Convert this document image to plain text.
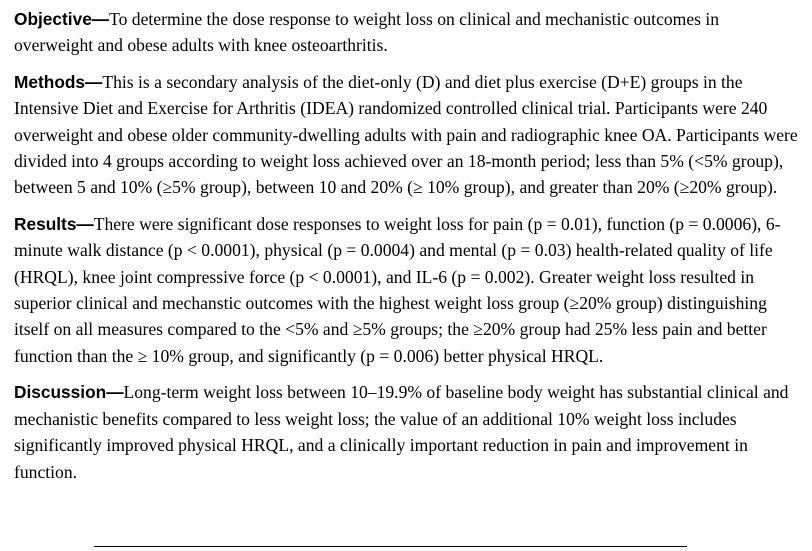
Objective—To determine the dose response to weight loss on clinical and mechanistic outcomes in overweight and obese adults with knee osteoarthritis.

Methods—This is a secondary analysis of the diet-only (D) and diet plus exercise (D+E) groups in the Intensive Diet and Exercise for Arthritis (IDEA) randomized controlled clinical trial. Participants were 240 overweight and obese older community-dwelling adults with pain and radiographic knee OA. Participants were divided into 4 groups according to weight loss achieved over an 18-month period; less than 5% (<5% group), between 5 and 10% (≥5% group), between 10 and 20% (≥ 10% group), and greater than 20% (≥20% group).

Results—There were significant dose responses to weight loss for pain (p = 0.01), function (p = 0.0006), 6-minute walk distance (p < 0.0001), physical (p = 0.0004) and mental (p = 0.03) health-related quality of life (HRQL), knee joint compressive force (p < 0.0001), and IL-6 (p = 0.002). Greater weight loss resulted in superior clinical and mechanstic outcomes with the highest weight loss group (≥20% group) distinguishing itself on all measures compared to the <5% and ≥5% groups; the ≥20% group had 25% less pain and better function than the ≥ 10% group, and significantly (p = 0.006) better physical HRQL.

Discussion—Long-term weight loss between 10–19.9% of baseline body weight has substantial clinical and mechanistic benefits compared to less weight loss; the value of an additional 10% weight loss includes significantly improved physical HRQL, and a clinically important reduction in pain and improvement in function.
